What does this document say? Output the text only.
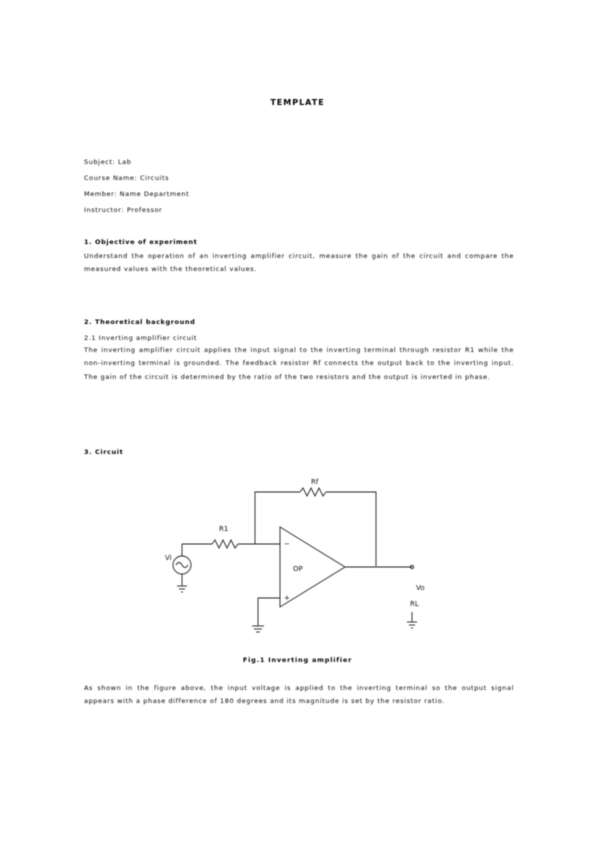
TEMPLATE
Subject: Lab
Course Name: Circuits
Member: Name Department
Instructor: Professor
1. Objective of experiment
Understand the operation of an inverting amplifier circuit, measure the gain of the circuit and compare the measured values with the theoretical values.
2. Theoretical background
2.1 Inverting amplifier circuit
The inverting amplifier circuit applies the input signal to the inverting terminal through resistor R1 while the non-inverting terminal is grounded. The feedback resistor Rf connects the output back to the inverting input. The gain of the circuit is determined by the ratio of the two resistors and the output is inverted in phase.
3. Circuit
Rf
R1
Vi
Vo
OP
−
+
RL
Fig.1 Inverting amplifier
As shown in the figure above, the input voltage is applied to the inverting terminal so the output signal appears with a phase difference of 180 degrees and its magnitude is set by the resistor ratio.
